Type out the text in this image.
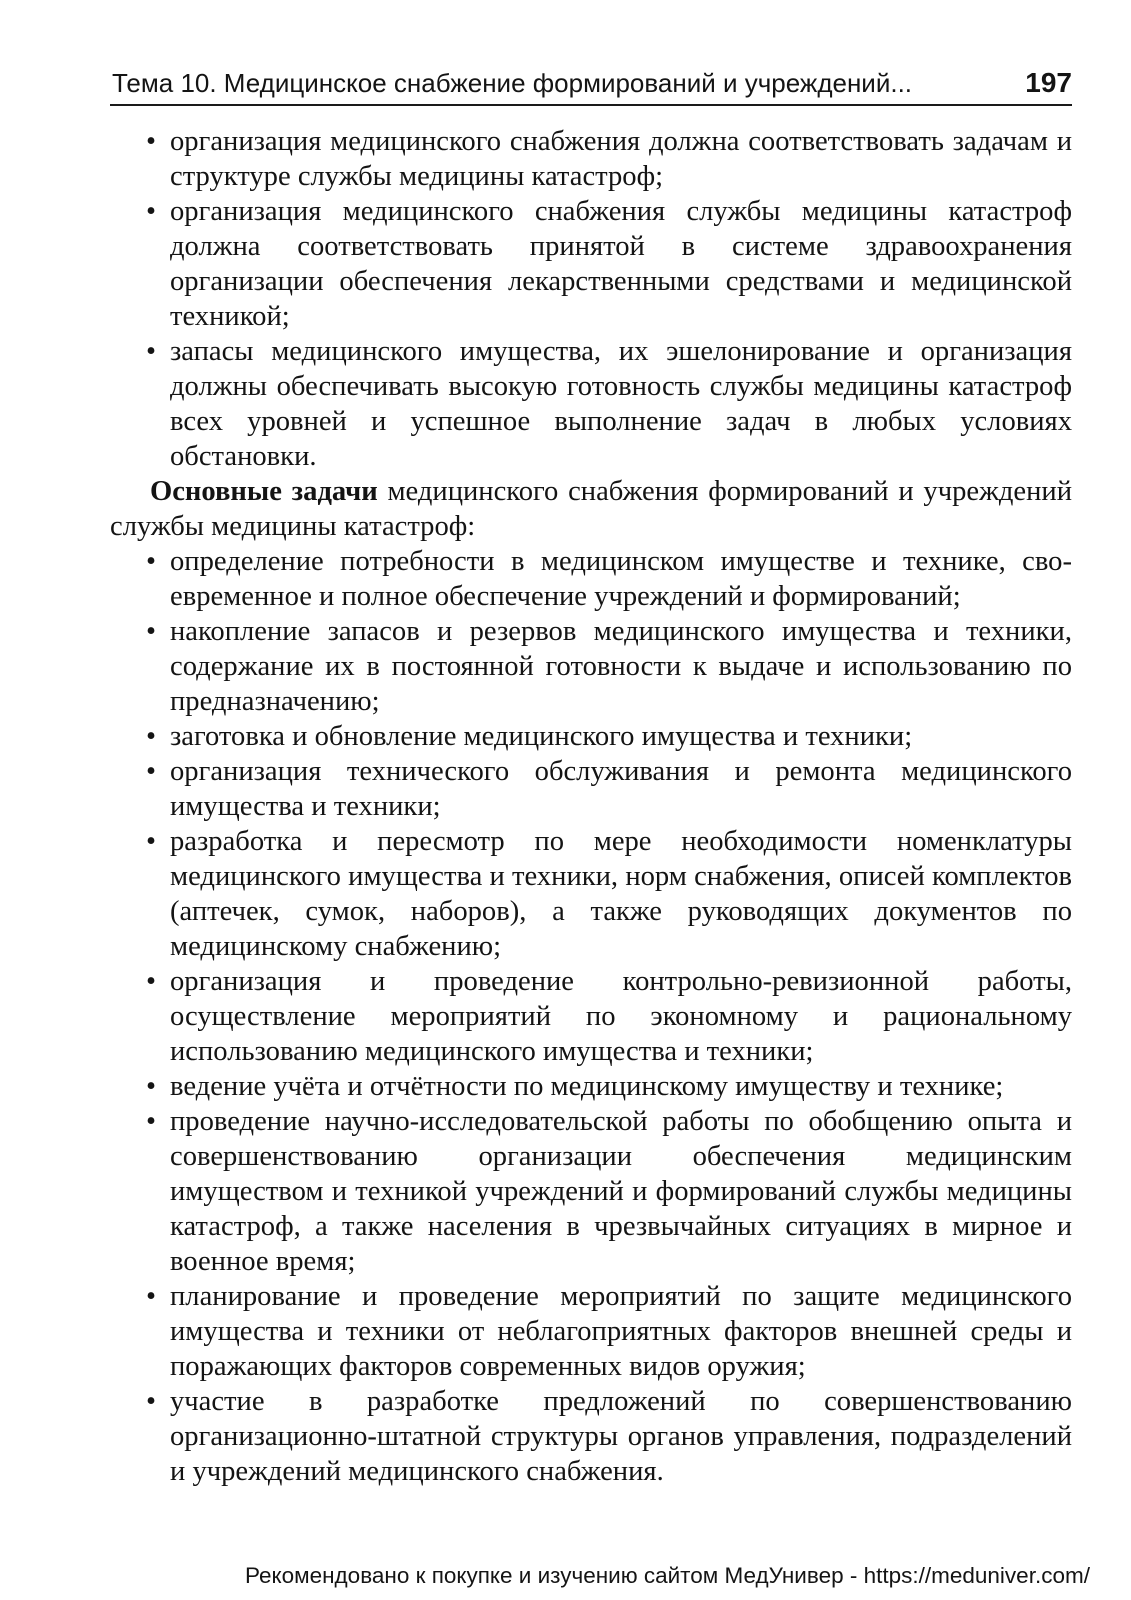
Тема 10. Медицинское снабжение формирований и учреждений...	197
• организация медицинского снабжения должна соответствовать задачам и структуре службы медицины катастроф;
• организация медицинского снабжения службы медицины катастроф должна соответствовать принятой в системе здравоохранения организации обеспечения лекарственными средствами и медицинской техникой;
• запасы медицинского имущества, их эшелонирование и организация должны обеспечивать высокую готовность службы медицины катастроф всех уровней и успешное выполнение задач в любых условиях обстановки.

Основные задачи медицинского снабжения формирований и учреждений службы медицины катастроф:

• определение потребности в медицинском имуществе и технике, своевременное и полное обеспечение учреждений и формирований;
• накопление запасов и резервов медицинского имущества и техники, содержание их в постоянной готовности к выдаче и использованию по предназначению;
• заготовка и обновление медицинского имущества и техники;
• организация технического обслуживания и ремонта медицинского имущества и техники;
• разработка и пересмотр по мере необходимости номенклатуры медицинского имущества и техники, норм снабжения, описей комплектов (аптечек, сумок, наборов), а также руководящих документов по медицинскому снабжению;
• организация и проведение контрольно-ревизионной работы, осуществление мероприятий по экономному и рациональному использованию медицинского имущества и техники;
• ведение учёта и отчётности по медицинскому имуществу и технике;
• проведение научно-исследовательской работы по обобщению опыта и совершенствованию организации обеспечения медицинским имуществом и техникой учреждений и формирований службы медицины катастроф, а также населения в чрезвычайных ситуациях в мирное и военное время;
• планирование и проведение мероприятий по защите медицинского имущества и техники от неблагоприятных факторов внешней среды и поражающих факторов современных видов оружия;
• участие в разработке предложений по совершенствованию организационно-штатной структуры органов управления, подразделений и учреждений медицинского снабжения.
Рекомендовано к покупке и изучению сайтом МедУнивер - https://meduniver.com/
